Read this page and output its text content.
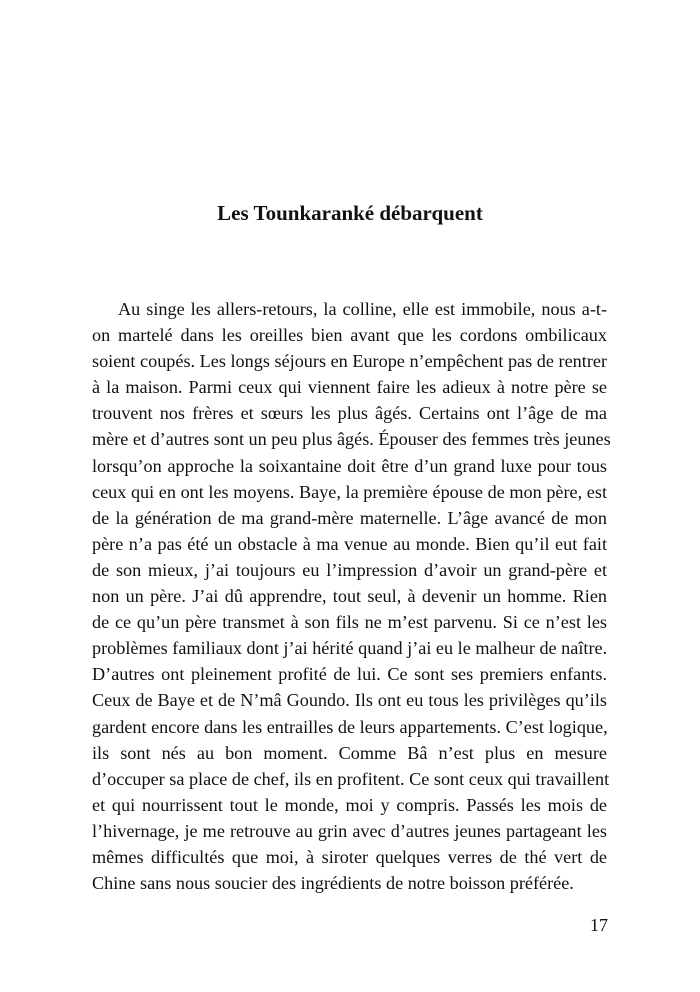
Les Tounkaranké débarquent
Au singe les allers-retours, la colline, elle est immobile, nous a-t-
on martelé dans les oreilles bien avant que les cordons ombilicaux
soient coupés. Les longs séjours en Europe n’empêchent pas de rentrer
à la maison. Parmi ceux qui viennent faire les adieux à notre père se
trouvent nos frères et sœurs les plus âgés. Certains ont l’âge de ma
mère et d’autres sont un peu plus âgés. Épouser des femmes très jeunes
lorsqu’on approche la soixantaine doit être d’un grand luxe pour tous
ceux qui en ont les moyens. Baye, la première épouse de mon père, est
de la génération de ma grand-mère maternelle. L’âge avancé de mon
père n’a pas été un obstacle à ma venue au monde. Bien qu’il eut fait
de son mieux, j’ai toujours eu l’impression d’avoir un grand-père et
non un père. J’ai dû apprendre, tout seul, à devenir un homme. Rien
de ce qu’un père transmet à son fils ne m’est parvenu. Si ce n’est les
problèmes familiaux dont j’ai hérité quand j’ai eu le malheur de naître.
D’autres ont pleinement profité de lui. Ce sont ses premiers enfants.
Ceux de Baye et de N’mâ Goundo. Ils ont eu tous les privilèges qu’ils
gardent encore dans les entrailles de leurs appartements. C’est logique,
ils sont nés au bon moment. Comme Bâ n’est plus en mesure
d’occuper sa place de chef, ils en profitent. Ce sont ceux qui travaillent
et qui nourrissent tout le monde, moi y compris. Passés les mois de
l’hivernage, je me retrouve au grin avec d’autres jeunes partageant les
mêmes difficultés que moi, à siroter quelques verres de thé vert de
Chine sans nous soucier des ingrédients de notre boisson préférée.
17
